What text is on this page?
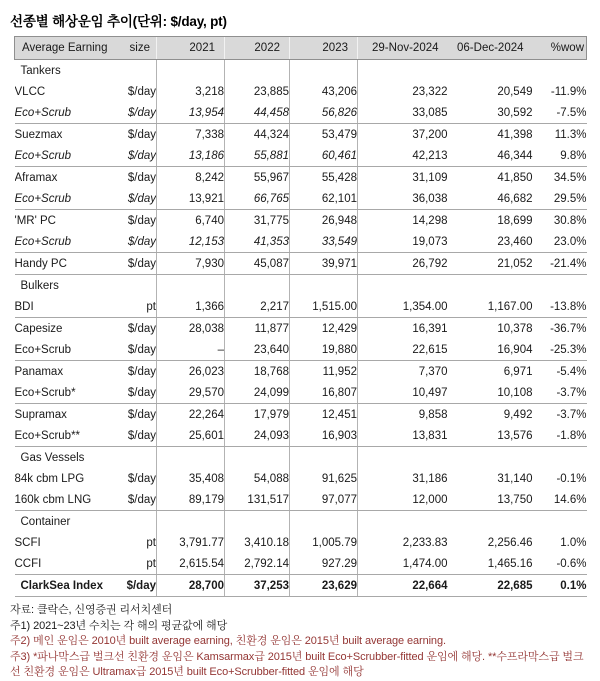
선종별 해상운임 추이(단위: $/day, pt)
Average Earning	size	2021	2022	2023	29-Nov-2024	06-Dec-2024	%wow
Tankers							
VLCC	$/day	3,218	23,885	43,206	23,322	20,549	-11.9%
Eco+Scrub	$/day	13,954	44,458	56,826	33,085	30,592	-7.5%
Suezmax	$/day	7,338	44,324	53,479	37,200	41,398	11.3%
Eco+Scrub	$/day	13,186	55,881	60,461	42,213	46,344	9.8%
Aframax	$/day	8,242	55,967	55,428	31,109	41,850	34.5%
Eco+Scrub	$/day	13,921	66,765	62,101	36,038	46,682	29.5%
'MR' PC	$/day	6,740	31,775	26,948	14,298	18,699	30.8%
Eco+Scrub	$/day	12,153	41,353	33,549	19,073	23,460	23.0%
Handy PC	$/day	7,930	45,087	39,971	26,792	21,052	-21.4%
Bulkers							
BDI	pt	1,366	2,217	1,515.00	1,354.00	1,167.00	-13.8%
Capesize	$/day	28,038	11,877	12,429	16,391	10,378	-36.7%
Eco+Scrub	$/day	–	23,640	19,880	22,615	16,904	-25.3%
Panamax	$/day	26,023	18,768	11,952	7,370	6,971	-5.4%
Eco+Scrub*	$/day	29,570	24,099	16,807	10,497	10,108	-3.7%
Supramax	$/day	22,264	17,979	12,451	9,858	9,492	-3.7%
Eco+Scrub**	$/day	25,601	24,093	16,903	13,831	13,576	-1.8%
Gas Vessels							
84k cbm LPG	$/day	35,408	54,088	91,625	31,186	31,140	-0.1%
160k cbm LNG	$/day	89,179	131,517	97,077	12,000	13,750	14.6%
Container							
SCFI	pt	3,791.77	3,410.18	1,005.79	2,233.83	2,256.46	1.0%
CCFI	pt	2,615.54	2,792.14	927.29	1,474.00	1,465.16	-0.6%
ClarkSea Index	$/day	28,700	37,253	23,629	22,664	22,685	0.1%
자료: 클락슨, 신영증권 리서치센터
주1) 2021~23년 수치는 각 해의 평균값에 해당
주2) 메인 운임은 2010년 built average earning, 친환경 운임은 2015년 built average earning.
주3) *파나막스급 벌크선 친환경 운임은 Kamsarmax급 2015년 built Eco+Scrubber-fitted 운임에 해당. **수프라막스급 벌크선 친환경 운임은 Ultramax급 2015년 built Eco+Scrubber-fitted 운임에 해당
